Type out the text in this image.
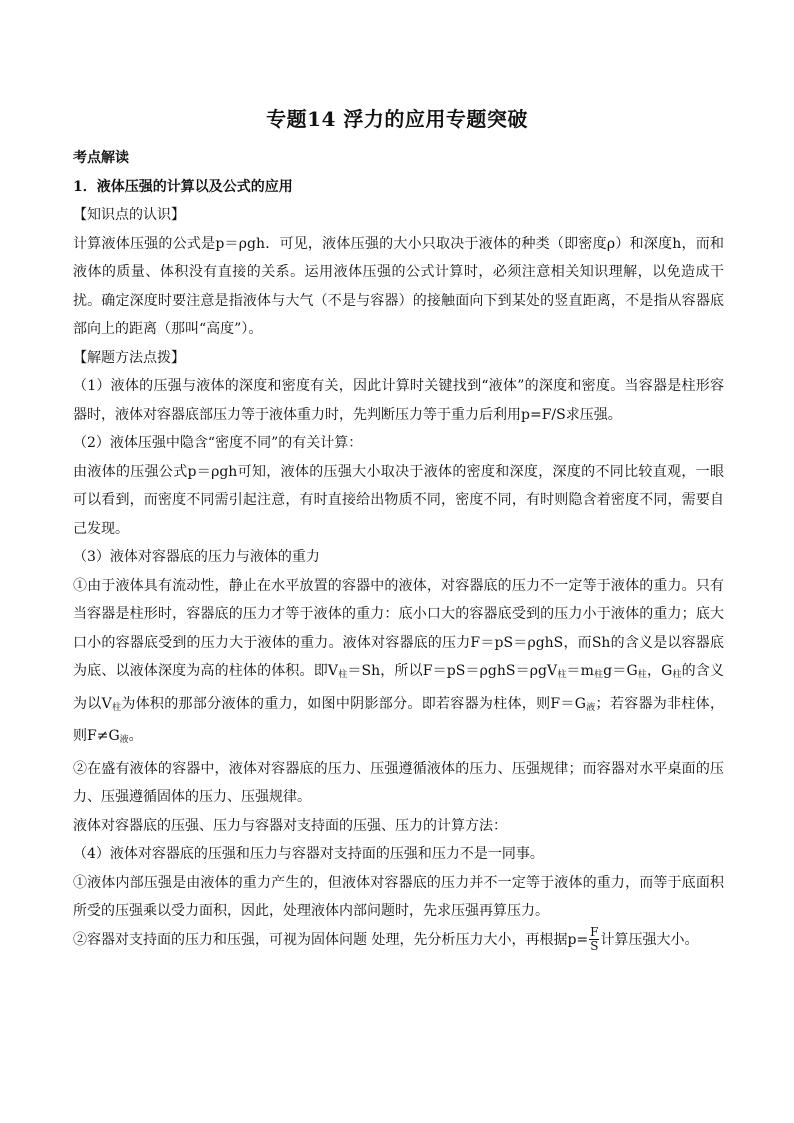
专题14 浮力的应用专题突破

考点解读

1．液体压强的计算以及公式的应用

【知识点的认识】

计算液体压强的公式是p＝ρgh．可见，液体压强的大小只取决于液体的种类（即密度ρ）和深度h，而和液体的质量、体积没有直接的关系。运用液体压强的公式计算时，必须注意相关知识理解，以免造成干扰。确定深度时要注意是指液体与大气（不是与容器）的接触面向下到某处的竖直距离，不是指从容器底部向上的距离（那叫“高度”）。

【解题方法点拨】

（1）液体的压强与液体的深度和密度有关，因此计算时关键找到“液体”的深度和密度。当容器是柱形容器时，液体对容器底部压力等于液体重力时，先判断压力等于重力后利用p=F/S求压强。

（2）液体压强中隐含“密度不同”的有关计算：

由液体的压强公式p＝ρgh可知，液体的压强大小取决于液体的密度和深度，深度的不同比较直观，一眼可以看到，而密度不同需引起注意，有时直接给出物质不同，密度不同，有时则隐含着密度不同，需要自己发现。

（3）液体对容器底的压力与液体的重力

①由于液体具有流动性，静止在水平放置的容器中的液体，对容器底的压力不一定等于液体的重力。只有当容器是柱形时，容器底的压力才等于液体的重力：底小口大的容器底受到的压力小于液体的重力；底大口小的容器底受到的压力大于液体的重力。液体对容器底的压力F＝pS＝ρghS，而Sh的含义是以容器底为底、以液体深度为高的柱体的体积。即$V_柱=Sh$，所以$F=pS=\rho ghS=\rho gV_柱=m_柱g=G_柱$，$G_柱$的含义为以$V_柱$为体积的那部分液体的重力，如图中阴影部分。即若容器为柱体，则$F=G_液$；若容器为非柱体，则$F\ne G_液$。

②在盛有液体的容器中，液体对容器底的压力、压强遵循液体的压力、压强规律；而容器对水平桌面的压力、压强遵循固体的压力、压强规律。

液体对容器底的压强、压力与容器对支持面的压强、压力的计算方法：

（4）液体对容器底的压强和压力与容器对支持面的压强和压力不是一同事。

①液体内部压强是由液体的重力产生的，但液体对容器底的压力并不一定等于液体的重力，而等于底面积所受的压强乘以受力面积，因此，处理液体内部问题时，先求压强再算压力。

②容器对支持面的压力和压强，可视为固体问题 处理，先分析压力大小，再根据$p= \frac{F}{S}$ 计算压强大小。
